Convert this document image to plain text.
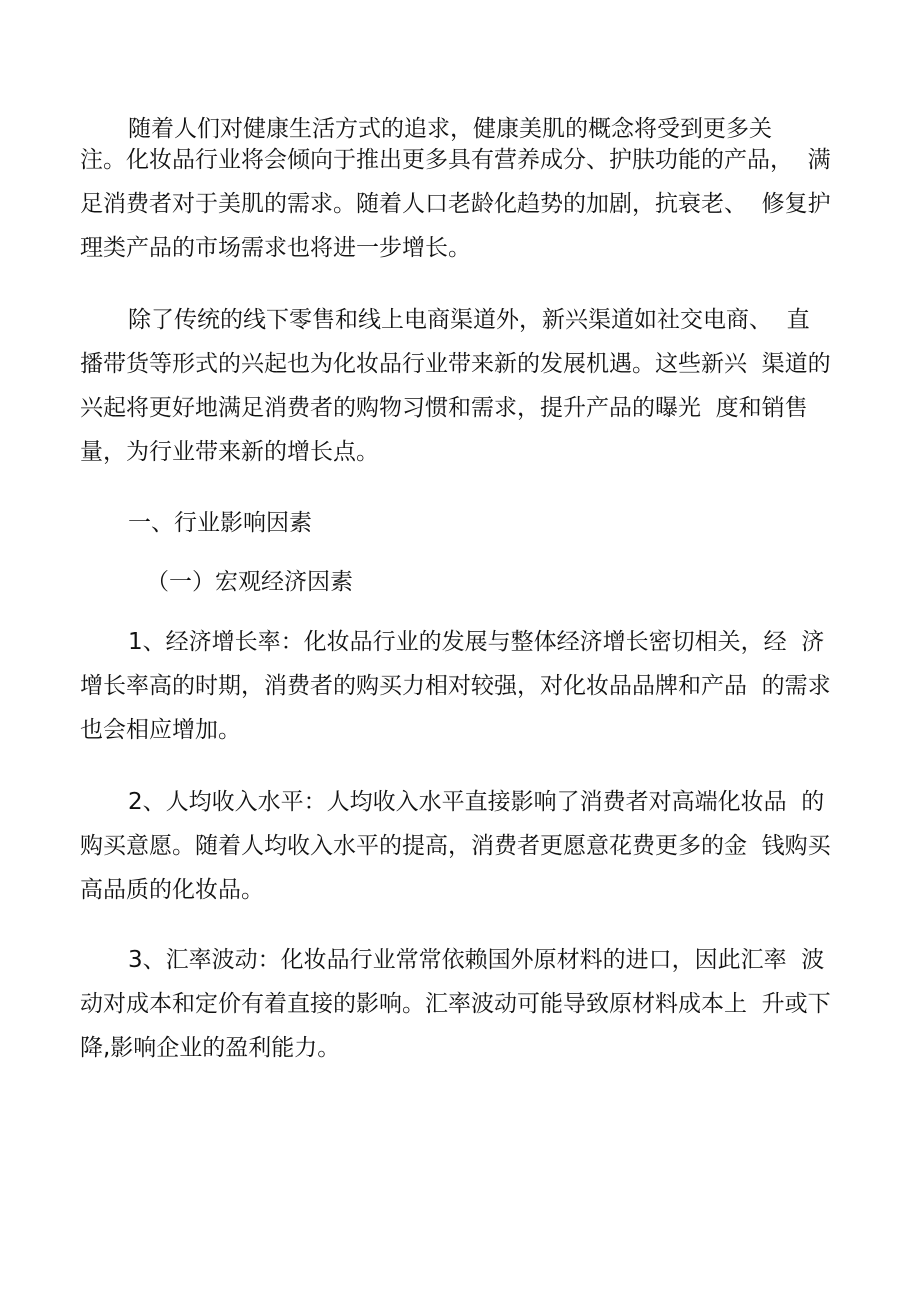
随着人们对健康生活方式的追求，健康美肌的概念将受到更多关

注。化妆品行业将会倾向于推出更多具有营养成分、护肤功能的产品，  满

足消费者对于美肌的需求。随着人口老龄化趋势的加剧，抗衰老、  修复护

理类产品的市场需求也将进一步增长。

除了传统的线下零售和线上电商渠道外，新兴渠道如社交电商、  直

播带货等形式的兴起也为化妆品行业带来新的发展机遇。这些新兴  渠道的

兴起将更好地满足消费者的购物习惯和需求，提升产品的曝光  度和销售

量，为行业带来新的增长点。

一、行业影响因素

（一）宏观经济因素

1、经济增长率：化妆品行业的发展与整体经济增长密切相关，经  济

增长率高的时期，消费者的购买力相对较强，对化妆品品牌和产品  的需求

也会相应增加。

2、人均收入水平：人均收入水平直接影响了消费者对高端化妆品  的

购买意愿。随着人均收入水平的提高，消费者更愿意花费更多的金  钱购买

高品质的化妆品。

3、汇率波动：化妆品行业常常依赖国外原材料的进口，因此汇率  波

动对成本和定价有着直接的影响。汇率波动可能导致原材料成本上  升或下

降,影响企业的盈利能力。
